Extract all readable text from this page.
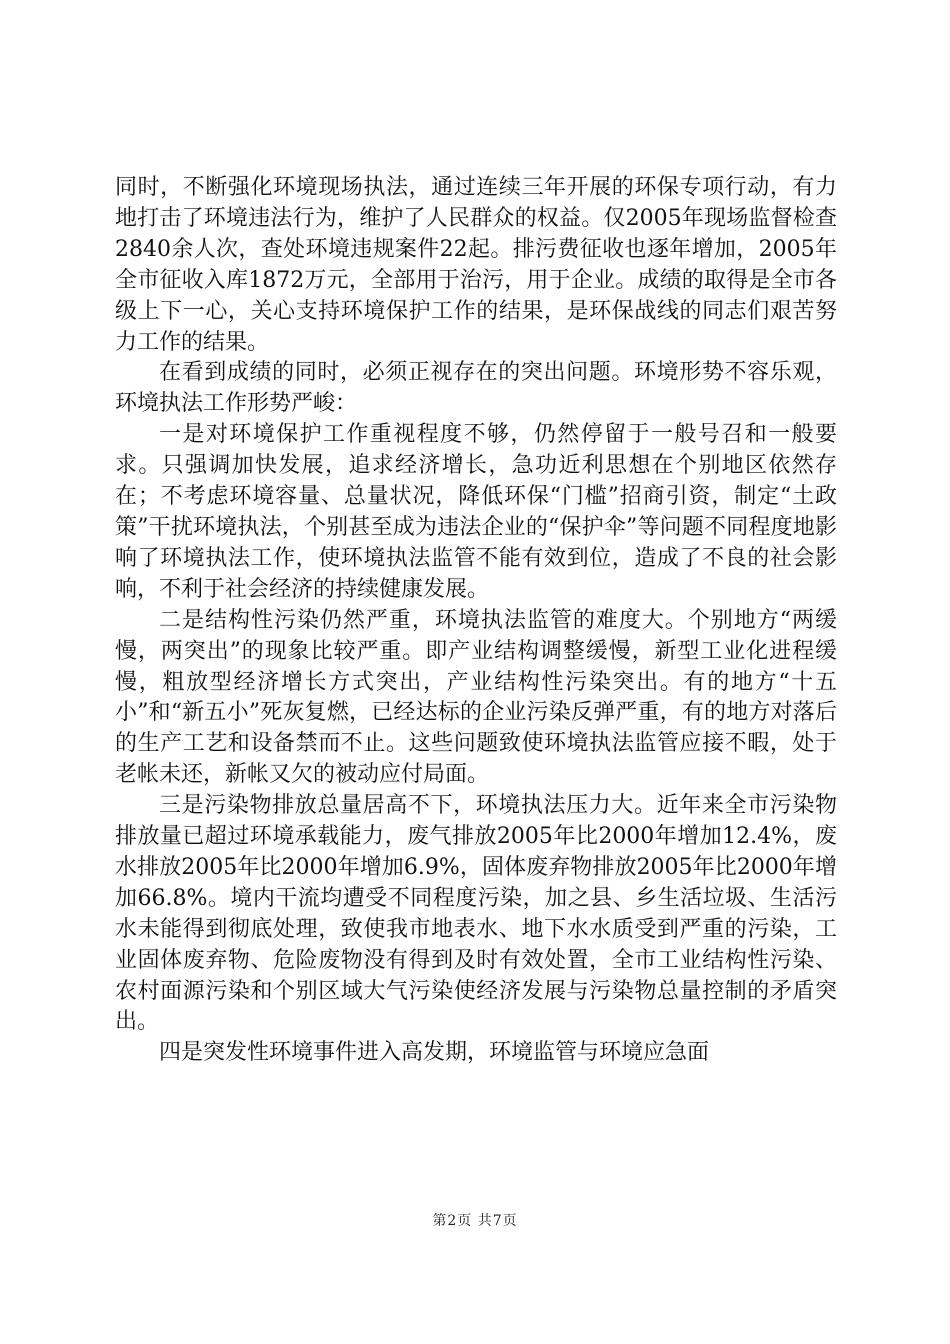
同时，不断强化环境现场执法，通过连续三年开展的环保专项行动，有力地打击了环境违法行为，维护了人民群众的权益。仅2005年现场监督检查2840余人次，查处环境违规案件22起。排污费征收也逐年增加，2005年全市征收入库1872万元，全部用于治污，用于企业。成绩的取得是全市各级上下一心，关心支持环境保护工作的结果，是环保战线的同志们艰苦努力工作的结果。

在看到成绩的同时，必须正视存在的突出问题。环境形势不容乐观，环境执法工作形势严峻：

一是对环境保护工作重视程度不够，仍然停留于一般号召和一般要求。只强调加快发展，追求经济增长，急功近利思想在个别地区依然存在；不考虑环境容量、总量状况，降低环保“门槛”招商引资，制定“土政策”干扰环境执法，个别甚至成为违法企业的“保护伞”等问题不同程度地影响了环境执法工作，使环境执法监管不能有效到位，造成了不良的社会影响，不利于社会经济的持续健康发展。

二是结构性污染仍然严重，环境执法监管的难度大。个别地方“两缓慢，两突出”的现象比较严重。即产业结构调整缓慢，新型工业化进程缓慢，粗放型经济增长方式突出，产业结构性污染突出。有的地方“十五小”和“新五小”死灰复燃，已经达标的企业污染反弹严重，有的地方对落后的生产工艺和设备禁而不止。这些问题致使环境执法监管应接不暇，处于老帐未还，新帐又欠的被动应付局面。

三是污染物排放总量居高不下，环境执法压力大。近年来全市污染物排放量已超过环境承载能力，废气排放2005年比2000年增加12.4%，废水排放2005年比2000年增加6.9%，固体废弃物排放2005年比2000年增加66.8%。境内干流均遭受不同程度污染，加之县、乡生活垃圾、生活污水未能得到彻底处理，致使我市地表水、地下水水质受到严重的污染，工业固体废弃物、危险废物没有得到及时有效处置，全市工业结构性污染、农村面源污染和个别区域大气污染使经济发展与污染物总量控制的矛盾突出。

四是突发性环境事件进入高发期，环境监管与环境应急面

第2页 共7页
